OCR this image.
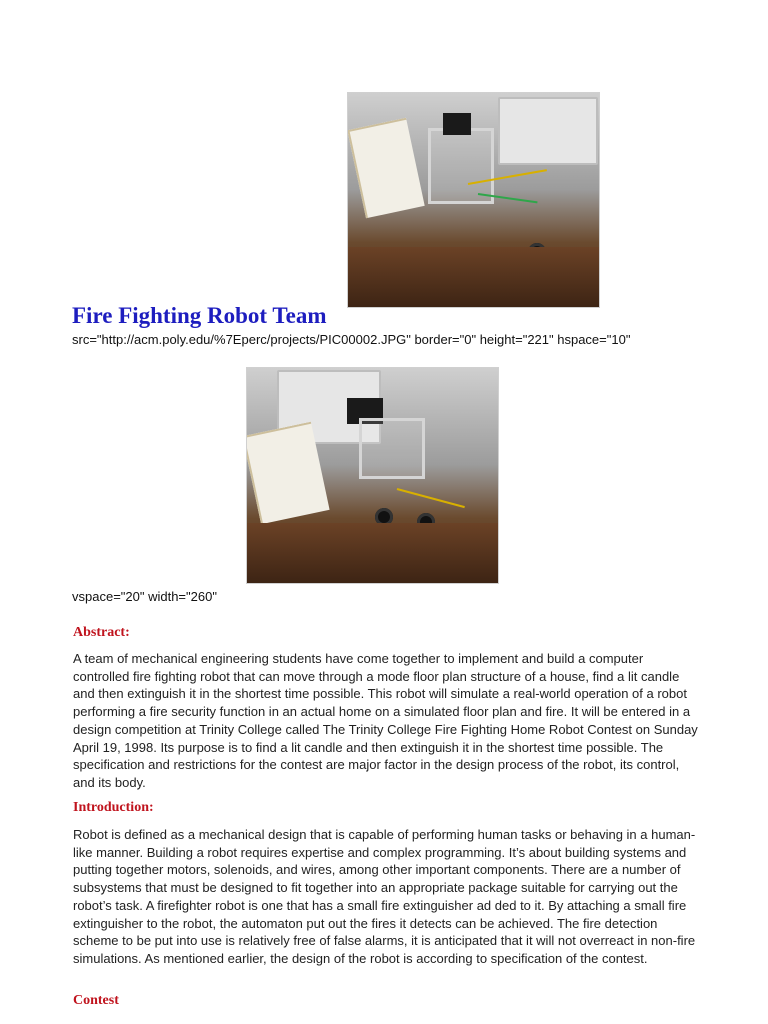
Fire Fighting Robot Team
src="http://acm.poly.edu/%7Eperc/projects/PIC00002.JPG" border="0" height="221" hspace="10"
vspace="20" width="260"
Abstract:

A team of mechanical engineering students have come together to implement and build a computer controlled fire fighting robot that can move through a mode floor plan structure of a house, find a lit candle and then extinguish it in the shortest time possible. This robot will simulate a real-world operation of a robot performing a fire security function in an actual home on a simulated floor plan and fire. It will be entered in a design competition at Trinity College called The Trinity College Fire Fighting Home Robot Contest on Sunday April 19, 1998. Its purpose is to find a lit candle and then extinguish it in the shortest time possible. The specification and restrictions for the contest are major factor in the design process of the robot, its control, and its body.

Introduction:

Robot is defined as a mechanical design that is capable of performing human tasks or behaving in a human-like manner. Building a robot requires expertise and complex programming. It’s about building systems and putting together motors, solenoids, and wires, among other important components. There are a number of subsystems that must be designed to fit together into an appropriate package suitable for carrying out the robot’s task. A firefighter robot is one that has a small fire extinguisher ad ded to it. By attaching a small fire extinguisher to the robot, the automaton put out the fires it detects can be achieved. The fire detection scheme to be put into use is relatively free of false alarms, it is anticipated that it will not overreact in non-fire simulations. As mentioned earlier, the design of the robot is according to specification of the contest.

Contest
